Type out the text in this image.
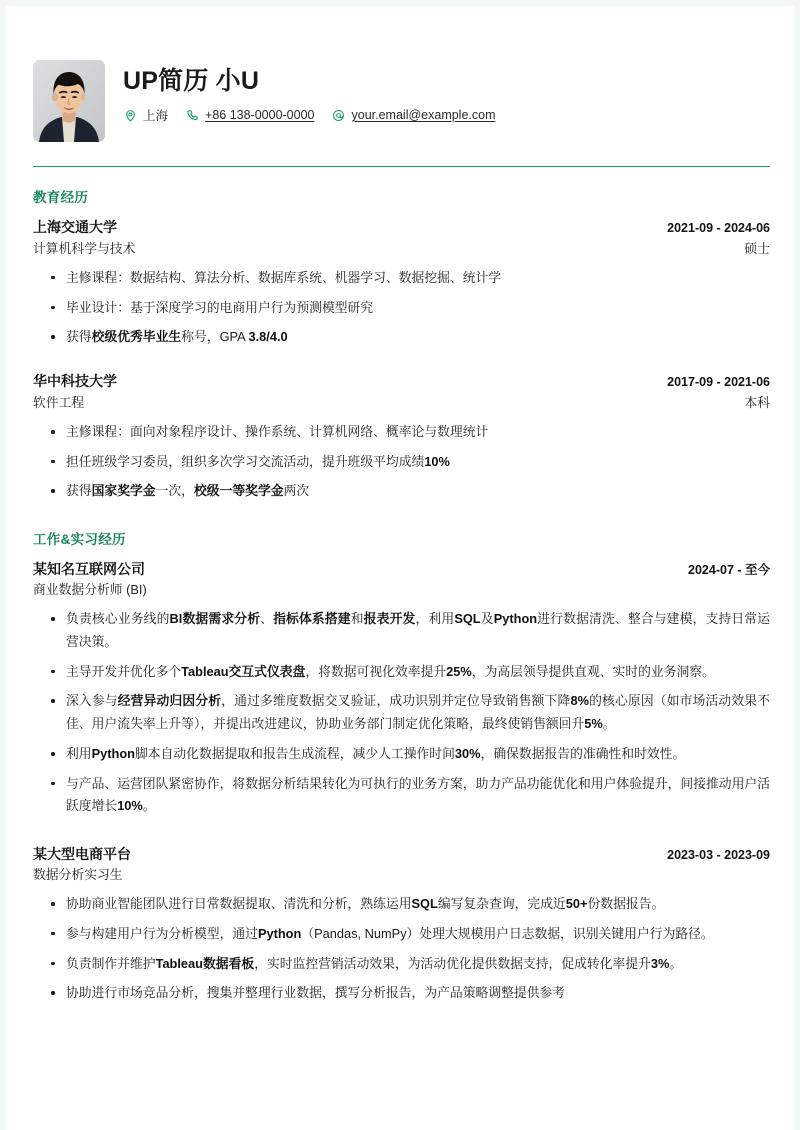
UP简历 小U
上海	+86 138-0000-0000	your.email@example.com
教育经历
上海交通大学	2021-09 - 2024-06
计算机科学与技术	硕士
主修课程：数据结构、算法分析、数据库系统、机器学习、数据挖掘、统计学
毕业设计：基于深度学习的电商用户行为预测模型研究
获得校级优秀毕业生称号，GPA 3.8/4.0
华中科技大学	2017-09 - 2021-06
软件工程	本科
主修课程：面向对象程序设计、操作系统、计算机网络、概率论与数理统计
担任班级学习委员，组织多次学习交流活动，提升班级平均成绩10%
获得国家奖学金一次，校级一等奖学金两次
工作&实习经历
某知名互联网公司	2024-07 - 至今
商业数据分析师 (BI)
负责核心业务线的BI数据需求分析、指标体系搭建和报表开发，利用SQL及Python进行数据清洗、整合与建模，支持日常运营决策。
主导开发并优化多个Tableau交互式仪表盘，将数据可视化效率提升25%，为高层领导提供直观、实时的业务洞察。
深入参与经营异动归因分析，通过多维度数据交叉验证，成功识别并定位导致销售额下降8%的核心原因（如市场活动效果不佳、用户流失率上升等），并提出改进建议，协助业务部门制定优化策略，最终使销售额回升5%。
利用Python脚本自动化数据提取和报告生成流程，减少人工操作时间30%，确保数据报告的准确性和时效性。
与产品、运营团队紧密协作，将数据分析结果转化为可执行的业务方案，助力产品功能优化和用户体验提升，间接推动用户活跃度增长10%。
某大型电商平台	2023-03 - 2023-09
数据分析实习生
协助商业智能团队进行日常数据提取、清洗和分析，熟练运用SQL编写复杂查询，完成近50+份数据报告。
参与构建用户行为分析模型，通过Python（Pandas, NumPy）处理大规模用户日志数据，识别关键用户行为路径。
负责制作并维护Tableau数据看板，实时监控营销活动效果，为活动优化提供数据支持，促成转化率提升3%。
协助进行市场竞品分析，搜集并整理行业数据，撰写分析报告，为产品策略调整提供参考
